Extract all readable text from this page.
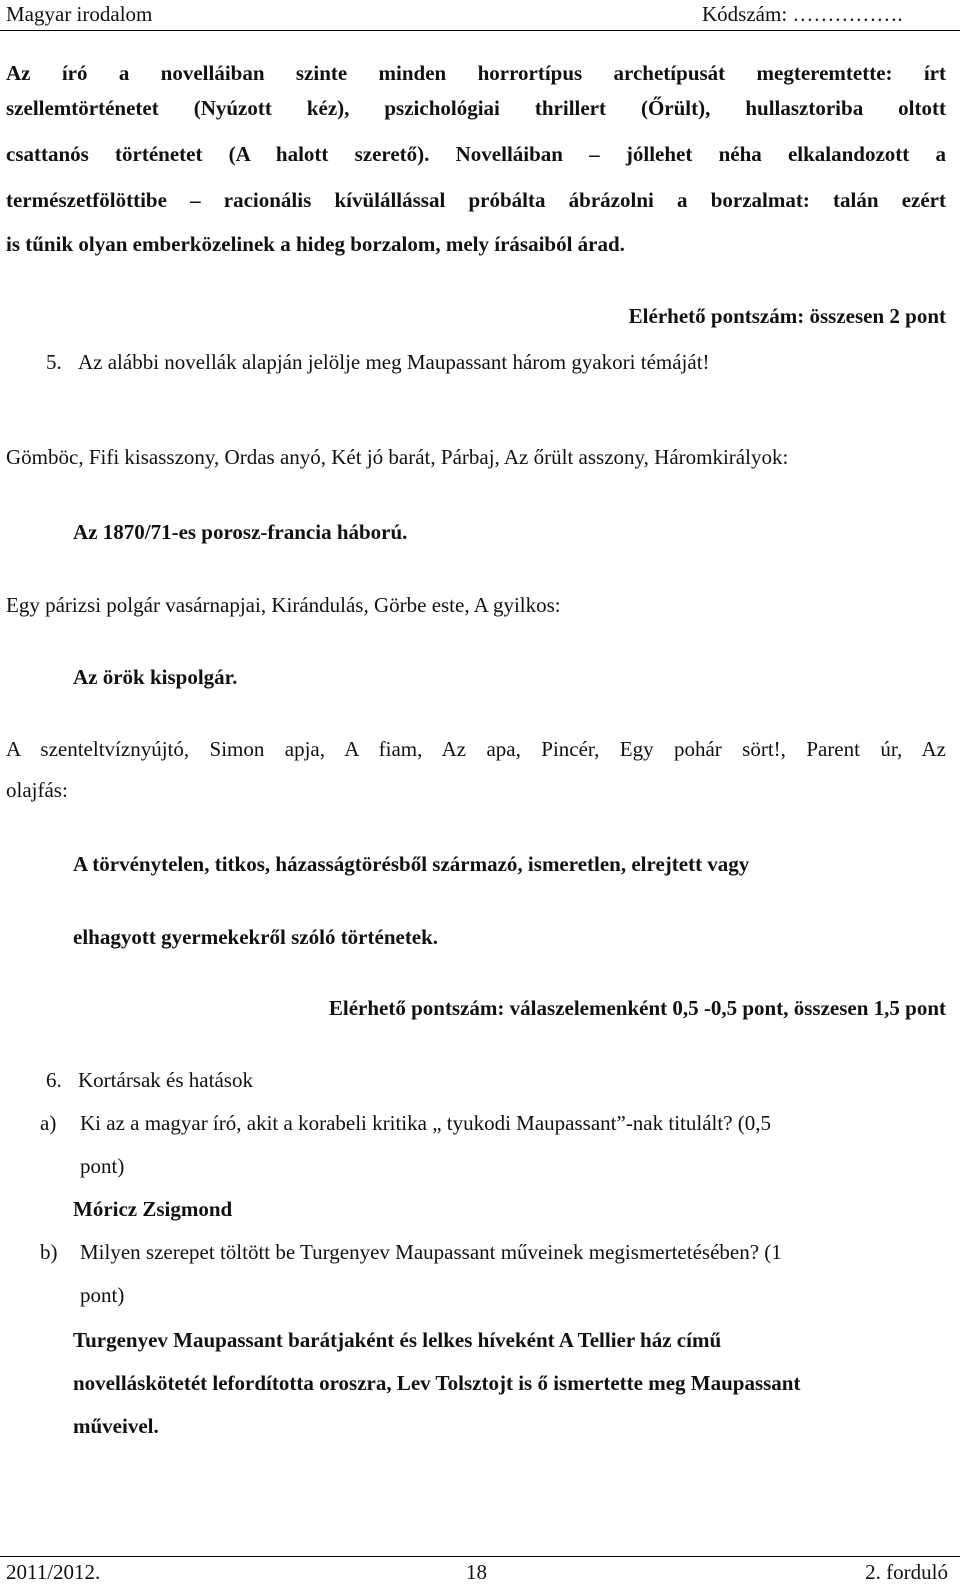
Magyar irodalom	Kódszám: …………….
Az író a novelláiban szinte minden horrortípus archetípusát megteremtette: írt
szellemtörténetet (Nyúzott kéz), pszichológiai thrillert (Őrült), hullasztoriba oltott
csattanós történetet (A halott szerető). Novelláiban – jóllehet néha elkalandozott a
természetfölöttibe – racionális kívülállással próbálta ábrázolni a borzalmat: talán ezért
is tűnik olyan emberközelinek a hideg borzalom, mely írásaiból árad.
Elérhető pontszám: összesen 2 pont
5. Az alábbi novellák alapján jelölje meg Maupassant három gyakori témáját!
Gömböc, Fifi kisasszony, Ordas anyó, Két jó barát, Párbaj, Az őrült asszony, Háromkirályok:
Az 1870/71-es porosz-francia háború.
Egy párizsi polgár vasárnapjai, Kirándulás, Görbe este, A gyilkos:
Az örök kispolgár.
A szenteltvíznyújtó, Simon apja, A fiam, Az apa, Pincér, Egy pohár sört!, Parent úr, Az
olajfás:
A törvénytelen, titkos, házasságtörésből származó, ismeretlen, elrejtett vagy
elhagyott gyermekekről szóló történetek.
Elérhető pontszám: válaszelemenként 0,5 -0,5 pont, összesen 1,5 pont
6. Kortársak és hatások
a) Ki az a magyar író, akit a korabeli kritika „ tyukodi Maupassant”-nak titulált? (0,5
pont)
Móricz Zsigmond
b) Milyen szerepet töltött be Turgenyev Maupassant műveinek megismertetésében? (1
pont)
Turgenyev Maupassant barátjaként és lelkes híveként A Tellier ház című
novelláskötetét lefordította oroszra, Lev Tolsztojt is ő ismertette meg Maupassant
műveivel.
2011/2012.	18	2. forduló
